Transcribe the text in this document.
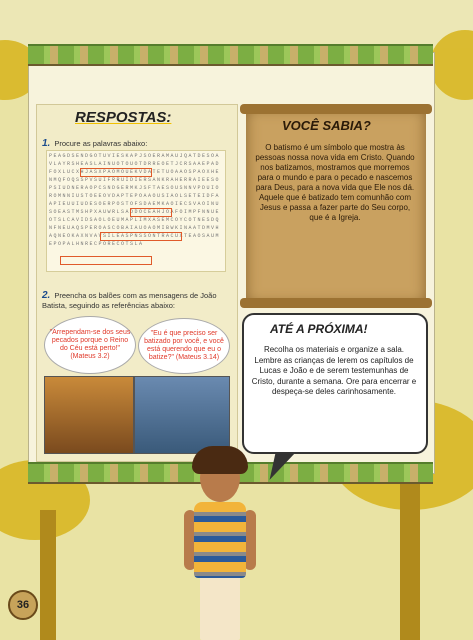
RESPOSTAS:
1. Procure as palavras abaixo:
PEAGDSENDGOTUVIESKAPJSOERAMAUJQATDESOAVLAYRSHEASLAINUOTOUOTDRREOETJCRSAAEPADFOXLUCXHJASXPAOMOUEKVDATETUOAAOSPAOXHENMQFOQSSPVSUIFRRUIDIERSANKRAHERRAIEESOPSIUDNERAOPCSNDGERMKJSFTAESOUSNNVPDUIOROMNNIUSTOEEOVDAPTEPOAAOUSIAOLSETEIDFAAPIEUUIUDESOERPOSTOFSDAEMKAOIECSVAOINUSOEASTMSHPXAUWRLSAODOCEAHJOAFOIMPFNNUEOTSLCAVIDSAOLOEUMAPLIMXASEMCOYCOTNESDQNFNEUAQSPEROASCOBAIAUOAOMIBWKINAATDMVHAQNEOKAXNVAVSILEASPNSSONTRACUXTEAOSAUMEPOPALHNRECPORECOTSLA
2. Preencha os balões com as mensagens de João Batista, seguindo as referências abaixo:
"Arrependam-se dos seus pecados porque o Reino do Céu está perto!" (Mateus 3.2)
"Eu é que preciso ser batizado por você, e você está querendo que eu o batize?" (Mateus 3.14)
VOCÊ SABIA?
O batismo é um símbolo que mostra às pessoas nossa nova vida em Cristo. Quando nos batizamos, mostramos que morremos para o mundo e para o pecado e nascemos para Deus, para a nova vida que Ele nos dá. Aquele que é batizado tem comunhão com Jesus e passa a fazer parte do Seu corpo, que é a Igreja.
ATÉ A PRÓXIMA!
Recolha os materiais e organize a sala. Lembre as crianças de lerem os capítulos de Lucas e João e de serem testemunhas de Cristo, durante a semana. Ore para encerrar e despeça-se deles carinhosamente.
36
